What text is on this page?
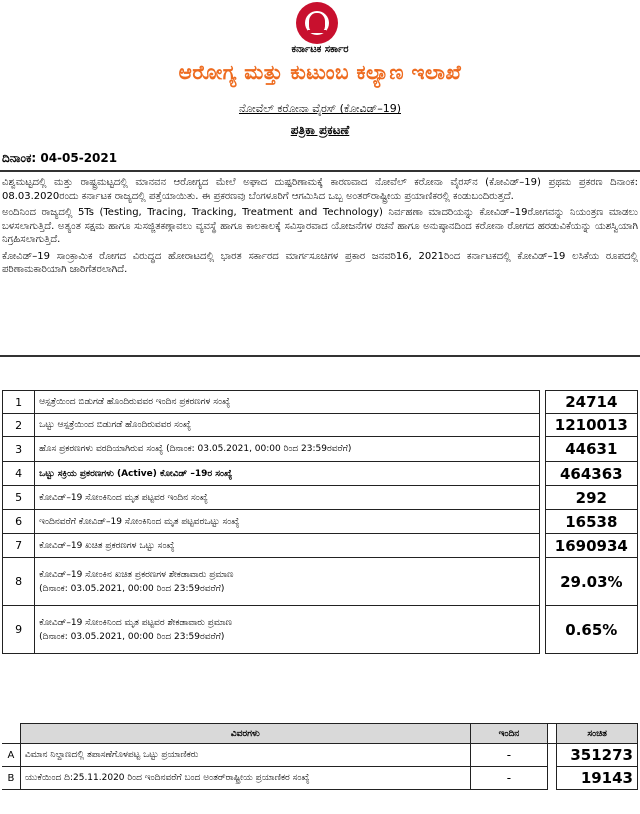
ಕರ್ನಾಟಕ ಸರ್ಕಾರ
ಆರೋಗ್ಯ ಮತ್ತು ಕುಟುಂಬ ಕಲ್ಯಾಣ ಇಲಾಖೆ
ನೋವೆಲ್ ಕರೋನಾ ವೈರಸ್ (ಕೋವಿಡ್–19)
ಪತ್ರಿಕಾ ಪ್ರಕಟಣೆ
ದಿನಾಂಕ: 04-05-2021

ವಿಶ್ವಮಟ್ಟದಲ್ಲಿ ಮತ್ತು ರಾಷ್ಟ್ರಮಟ್ಟದಲ್ಲಿ ಮಾನವನ ಆರೋಗ್ಯದ ಮೇಲೆ ಅಘಾದ ದುಷ್ಪರಿಣಾಮಕ್ಕೆ ಕಾರಣವಾದ ನೋವೆಲ್ ಕರೋನಾ ವೈರಸ್‌ನ (ಕೋವಿಡ್–19) ಪ್ರಥಮ ಪ್ರಕರಣ ದಿನಾಂಕ: 08.03.2020ರಂದು ಕರ್ನಾಟಕ ರಾಜ್ಯದಲ್ಲಿ ಪತ್ತೆಯಾಯಿತು. ಈ ಪ್ರಕರಣವು ಬೆಂಗಳೂರಿಗೆ ಆಗಮಿಸಿದ ಒಬ್ಬ ಅಂತರ್‌ರಾಷ್ಟ್ರೀಯ ಪ್ರಯಾಣಿಕರಲ್ಲಿ ಕಂಡುಬಂದಿರುತ್ತದೆ.

ಅಂದಿನಿಂದ ರಾಜ್ಯದಲ್ಲಿ 5Ts (Testing, Tracing, Tracking, Treatment and Technology) ನಿರ್ವಹಣಾ ಮಾದರಿಯನ್ನು ಕೋವಿಡ್–19ರೋಗವನ್ನು ನಿಯಂತ್ರಣ ಮಾಡಲು ಬಳಸಲಾಗುತ್ತಿದೆ. ಅತ್ಯಂತ ಸಕ್ಷಮ ಹಾಗೂ ಸುಸಜ್ಜಿತಕಣ್ಗಾವಲು ವ್ಯವಸ್ಥೆ ಹಾಗೂ ಕಾಲಕಾಲಕ್ಕೆ ಸವಿಸ್ತಾರವಾದ ಯೋಜನೆಗಳ ರಚನೆ ಹಾಗೂ ಅನುಷ್ಠಾನದಿಂದ ಕರೋನಾ ರೋಗದ ಹರಡುವಿಕೆಯನ್ನು ಯಶಸ್ವಿಯಾಗಿ ನಿಗ್ರಹಿಸಲಾಗುತ್ತಿದೆ.

ಕೋವಿಡ್–19 ಸಾಂಕ್ರಾಮಿಕ ರೋಗದ ವಿರುದ್ಧದ ಹೋರಾಟದಲ್ಲಿ ಭಾರತ ಸರ್ಕಾರದ ಮಾರ್ಗಸೂಚಿಗಳ ಪ್ರಕಾರ ಜನವರಿ16, 2021ರಿಂದ ಕರ್ನಾಟಕದಲ್ಲಿ ಕೋವಿಡ್–19 ಲಸಿಕೆಯ ರೂಪದಲ್ಲಿ ಪರಿಣಾಮಕಾರಿಯಾಗಿ ಜಾರಿಗೆತರಲಾಗಿದೆ.

1	ಆಸ್ಪತ್ರೆಯಿಂದ ಬಿಡುಗಡೆ ಹೊಂದಿರುವವರ ಇಂದಿನ ಪ್ರಕರಣಗಳ ಸಂಖ್ಯೆ		24714
2	ಒಟ್ಟು ಆಸ್ಪತ್ರೆಯಿಂದ ಬಿಡುಗಡೆ ಹೊಂದಿರುವವರ ಸಂಖ್ಯೆ		1210013
3	ಹೊಸ ಪ್ರಕರಣಗಳು ವರದಿಯಾಗಿರುವ ಸಂಖ್ಯೆ (ದಿನಾಂಕ: 03.05.2021, 00:00 ರಿಂದ 23:59ರವರೆಗೆ)		44631
4	ಒಟ್ಟು ಸಕ್ರಿಯ ಪ್ರಕರಣಗಳು (Active) ಕೋವಿಡ್ –19ರ ಸಂಖ್ಯೆ		464363
5	ಕೋವಿಡ್–19 ಸೋಂಕಿನಿಂದ ಮೃತ ಪಟ್ಟವರ ಇಂದಿನ ಸಂಖ್ಯೆ		292
6	ಇಂದಿನವರೆಗೆ ಕೋವಿಡ್–19 ಸೋಂಕಿನಿಂದ ಮೃತ ಪಟ್ಟವರಒಟ್ಟು ಸಂಖ್ಯೆ		16538
7	ಕೋವಿಡ್–19 ಖಚಿತ ಪ್ರಕರಣಗಳ ಒಟ್ಟು ಸಂಖ್ಯೆ		1690934
8	ಕೋವಿಡ್–19 ಸೋಂಕಿನ ಖಚಿತ ಪ್ರಕರಣಗಳ ಶೇಕಡಾವಾರು ಪ್ರಮಾಣ
(ದಿನಾಂಕ: 03.05.2021, 00:00 ರಿಂದ 23:59ರವರೆಗೆ)		29.03%
9	ಕೋವಿಡ್–19 ಸೋಂಕಿನಿಂದ ಮೃತ ಪಟ್ಟವರ ಶೇಕಡಾವಾರು ಪ್ರಮಾಣ
(ದಿನಾಂಕ: 03.05.2021, 00:00 ರಿಂದ 23:59ರವರೆಗೆ)		0.65%
	ವಿವರಗಳು	ಇಂದಿನ		ಸಂಚಿತ
A	ವಿಮಾನ ನಿಲ್ದಾಣದಲ್ಲಿ ತಪಾಸಣೆಗೊಳಪಟ್ಟ ಒಟ್ಟು ಪ್ರಯಾಣಿಕರು	-		351273
B	ಯುಕೆಯಿಂದ ದಿ:25.11.2020 ರಿಂದ ಇಂದಿನವರೆಗೆ ಬಂದ ಅಂತರ್‌ರಾಷ್ಟ್ರೀಯ ಪ್ರಯಾಣಿಕರ ಸಂಖ್ಯೆ	-		19143
